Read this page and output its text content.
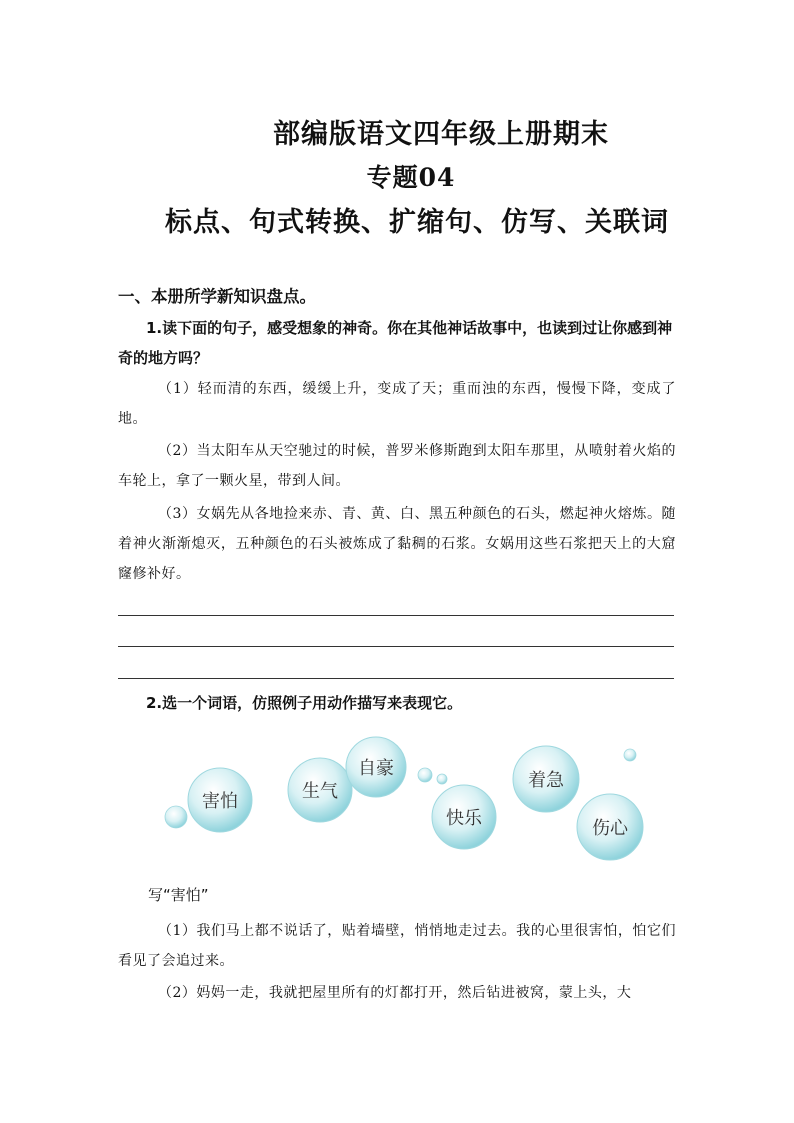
部编版语文四年级上册期末
专题04
标点、句式转换、扩缩句、仿写、关联词
一、本册所学新知识盘点。
1.读下面的句子，感受想象的神奇。你在其他神话故事中，也读到过让你感到神奇的地方吗？
（1）轻而清的东西，缓缓上升，变成了天；重而浊的东西，慢慢下降，变成了地。
（2）当太阳车从天空驰过的时候，普罗米修斯跑到太阳车那里，从喷射着火焰的车轮上，拿了一颗火星，带到人间。
（3）女娲先从各地捡来赤、青、黄、白、黑五种颜色的石头，燃起神火熔炼。随着神火渐渐熄灭，五种颜色的石头被炼成了黏稠的石浆。女娲用这些石浆把天上的大窟窿修补好。
2.选一个词语，仿照例子用动作描写来表现它。
害怕	生气
自豪
快乐
着急
伤心
写“害怕”
（1）我们马上都不说话了，贴着墙壁，悄悄地走过去。我的心里很害怕，怕它们看见了会追过来。
（2）妈妈一走，我就把屋里所有的灯都打开，然后钻进被窝，蒙上头，大
